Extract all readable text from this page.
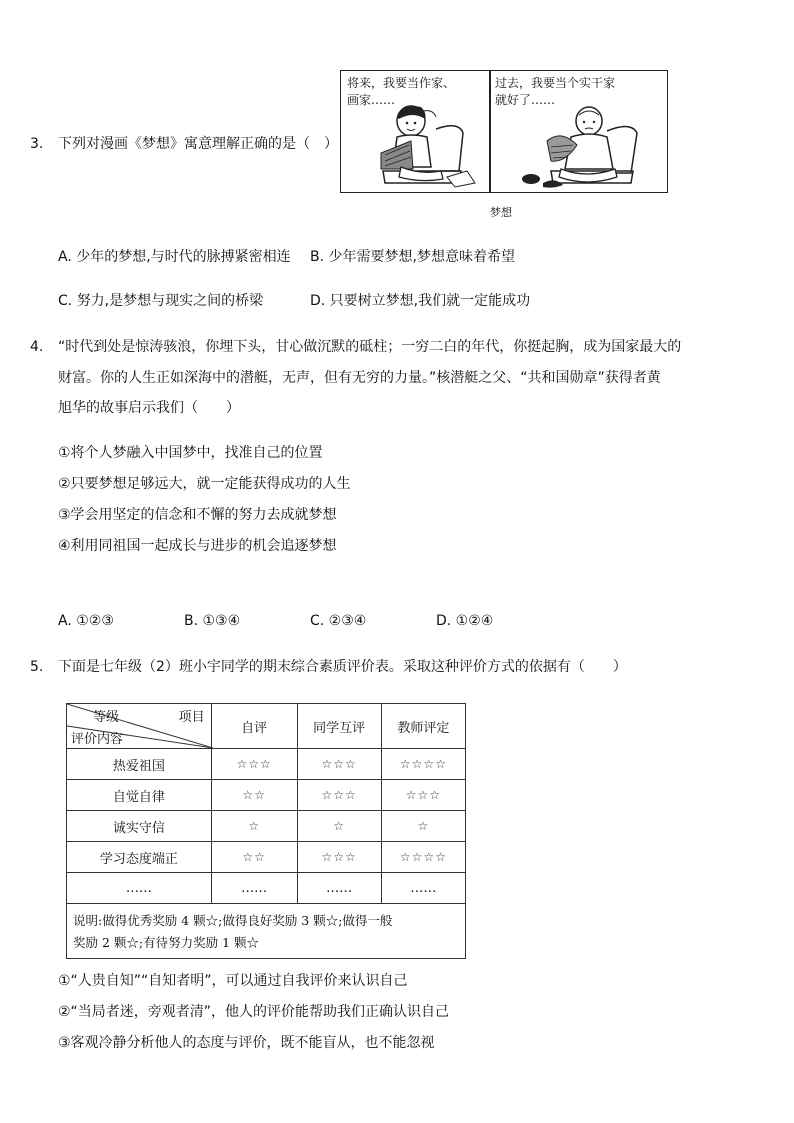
3. 下列对漫画《梦想》寓意理解正确的是（　）
将来，我要当作家、
画家……
过去，我要当个实干家
就好了……
梦想
A. 少年的梦想,与时代的脉搏紧密相连 B. 少年需要梦想,梦想意味着希望
C. 努力,是梦想与现实之间的桥梁	D. 只要树立梦想,我们就一定能成功
4. “时代到处是惊涛骇浪，你埋下头，甘心做沉默的砥柱；一穷二白的年代，你挺起胸，成为国家最大的
财富。你的人生正如深海中的潜艇，无声，但有无穷的力量。”核潜艇之父、“共和国勋章”获得者黄
旭华的故事启示我们（　　）
①将个人梦融入中国梦中，找准自己的位置
②只要梦想足够远大，就一定能获得成功的人生
③学会用坚定的信念和不懈的努力去成就梦想
④利用同祖国一起成长与进步的机会追逐梦想
A. ①②③	B. ①③④	C. ②③④	D. ①②④
5. 下面是七年级（2）班小宇同学的期末综合素质评价表。采取这种评价方式的依据有（　　）
项目
等级
评价内容	自评	同学互评	教师评定
热爱祖国	☆☆☆	☆☆☆	☆☆☆☆
自觉自律	☆☆	☆☆☆	☆☆☆
诚实守信	☆	☆	☆
学习态度端正	☆☆	☆☆☆	☆☆☆☆
……	……	……	……

说明:做得优秀奖励 4 颗☆;做得良好奖励 3 颗☆;做得一般
奖励 2 颗☆;有待努力奖励 1 颗☆			
①“人贵自知”“自知者明”，可以通过自我评价来认识自己
②“当局者迷，旁观者清”，他人的评价能帮助我们正确认识自己
③客观冷静分析他人的态度与评价，既不能盲从，也不能忽视
